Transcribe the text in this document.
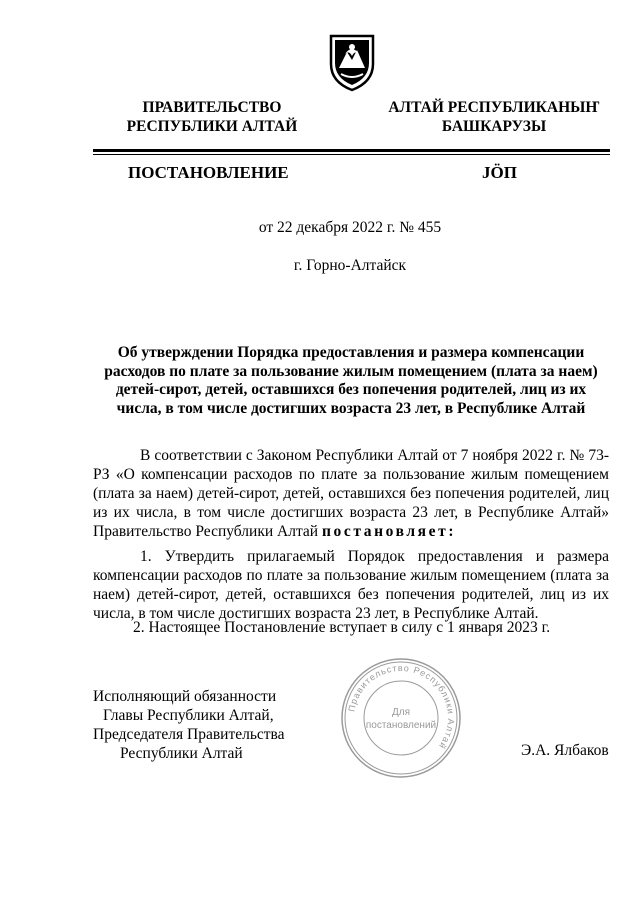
ПРАВИТЕЛЬСТВО
РЕСПУБЛИКИ АЛТАЙ
АЛТАЙ РЕСПУБЛИКАНЫҤ
БАШКАРУЗЫ
ПОСТАНОВЛЕНИЕ	JÖП
от 22 декабря 2022 г. № 455
г. Горно-Алтайск
Об утверждении Порядка предоставления и размера компенсации расходов по плате за пользование жилым помещением (плата за наем) детей-сирот, детей, оставшихся без попечения родителей, лиц из их числа, в том числе достигших возраста 23 лет, в Республике Алтай
В соответствии с Законом Республики Алтай от 7 ноября 2022 г. № 73-РЗ «О компенсации расходов по плате за пользование жилым помещением (плата за наем) детей-сирот, детей, оставшихся без попечения родителей, лиц из их числа, в том числе достигших возраста 23 лет, в Республике Алтай» Правительство Республики Алтай постановляет:
1. Утвердить прилагаемый Порядок предоставления и размера компенсации расходов по плате за пользование жилым помещением (плата за наем) детей-сирот, детей, оставшихся без попечения родителей, лиц из их числа, в том числе достигших возраста 23 лет, в Республике Алтай.
2. Настоящее Постановление вступает в силу с 1 января 2023 г.
Исполняющий обязанности
Главы Республики Алтай,
Председателя Правительства
Республики Алтай
Правительство Республики Алтай
Для
постановлений
Э.А. Ялбаков
